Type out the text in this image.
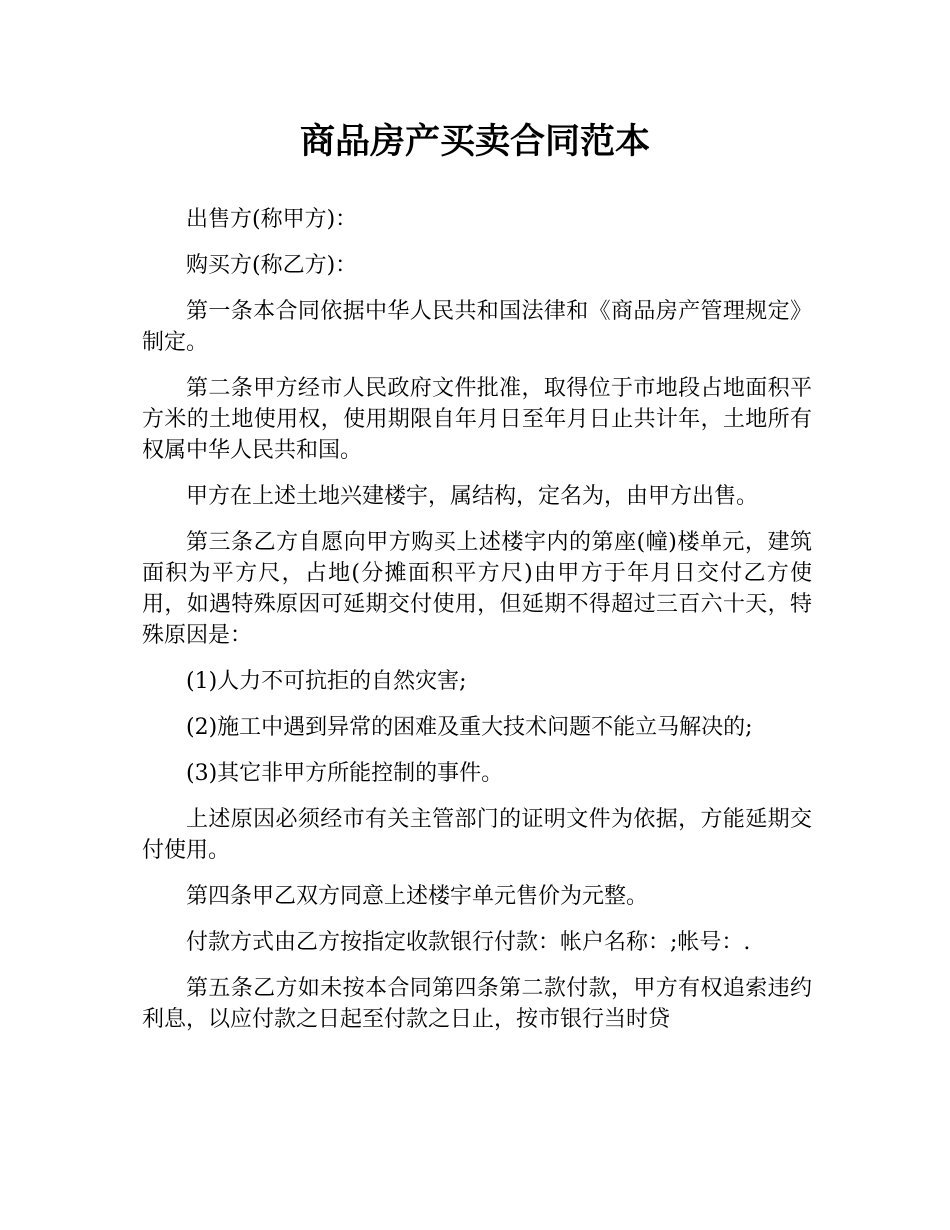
商品房产买卖合同范本

出售方(称甲方)：

购买方(称乙方)：

第一条本合同依据中华人民共和国法律和《商品房产管理规定》制定。

第二条甲方经市人民政府文件批准，取得位于市地段占地面积平方米的土地使用权，使用期限自年月日至年月日止共计年，土地所有权属中华人民共和国。

甲方在上述土地兴建楼宇，属结构，定名为，由甲方出售。

第三条乙方自愿向甲方购买上述楼宇内的第座(幢)楼单元，建筑面积为平方尺，占地(分摊面积平方尺)由甲方于年月日交付乙方使用，如遇特殊原因可延期交付使用，但延期不得超过三百六十天，特殊原因是：

(1)人力不可抗拒的自然灾害;

(2)施工中遇到异常的困难及重大技术问题不能立马解决的;

(3)其它非甲方所能控制的事件。

上述原因必须经市有关主管部门的证明文件为依据，方能延期交付使用。

第四条甲乙双方同意上述楼宇单元售价为元整。

付款方式由乙方按指定收款银行付款：帐户名称：;帐号：.

第五条乙方如未按本合同第四条第二款付款，甲方有权追索违约利息，以应付款之日起至付款之日止，按市银行当时贷
